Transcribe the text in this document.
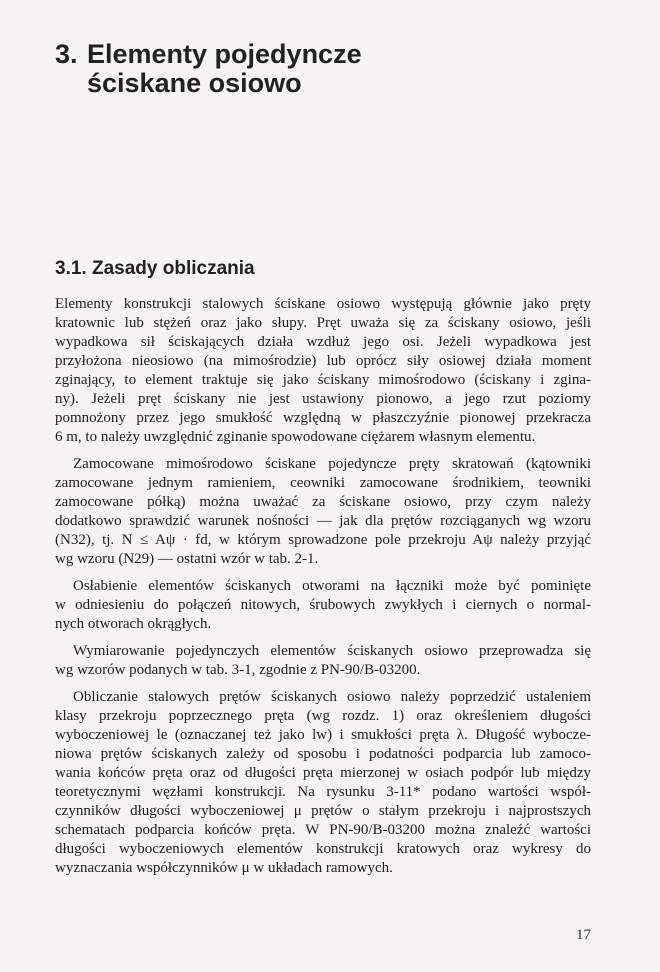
3. Elementy pojedyncze
ściskane osiowo
3.1. Zasady obliczania
Elementy konstrukcji stalowych ściskane osiowo występują głównie jako pręty
kratownic lub stężeń oraz jako słupy. Pręt uważa się za ściskany osiowo, jeśli
wypadkowa sił ściskających działa wzdłuż jego osi. Jeżeli wypadkowa jest
przyłożona nieosiowo (na mimośrodzie) lub oprócz siły osiowej działa moment
zginający, to element traktuje się jako ściskany mimośrodowo (ściskany i zgina-
ny). Jeżeli pręt ściskany nie jest ustawiony pionowo, a jego rzut poziomy
pomnożony przez jego smukłość względną w płaszczyźnie pionowej przekracza
6 m, to należy uwzględnić zginanie spowodowane ciężarem własnym elementu.
Zamocowane mimośrodowo ściskane pojedyncze pręty skratowań (kątowniki
zamocowane jednym ramieniem, ceowniki zamocowane środnikiem, teowniki
zamocowane półką) można uważać za ściskane osiowo, przy czym należy
dodatkowo sprawdzić warunek nośności — jak dla prętów rozciąganych wg wzoru
(N32), tj. N ≤ Aψ · fd, w którym sprowadzone pole przekroju Aψ należy przyjąć
wg wzoru (N29) — ostatni wzór w tab. 2-1.
Osłabienie elementów ściskanych otworami na łączniki może być pominięte
w odniesieniu do połączeń nitowych, śrubowych zwykłych i ciernych o normal-
nych otworach okrągłych.
Wymiarowanie pojedynczych elementów ściskanych osiowo przeprowadza się
wg wzorów podanych w tab. 3-1, zgodnie z PN-90/B-03200.
Obliczanie stalowych prętów ściskanych osiowo należy poprzedzić ustaleniem
klasy przekroju poprzecznego pręta (wg rozdz. 1) oraz określeniem długości
wyboczeniowej le (oznaczanej też jako lw) i smukłości pręta λ. Długość wybocze-
niowa prętów ściskanych zależy od sposobu i podatności podparcia lub zamoco-
wania końców pręta oraz od długości pręta mierzonej w osiach podpór lub między
teoretycznymi węzłami konstrukcji. Na rysunku 3-11* podano wartości współ-
czynników długości wyboczeniowej μ prętów o stałym przekroju i najprostszych
schematach podparcia końców pręta. W PN-90/B-03200 można znaleźć wartości
długości wyboczeniowych elementów konstrukcji kratowych oraz wykresy do
wyznaczania współczynników μ w układach ramowych.
17
